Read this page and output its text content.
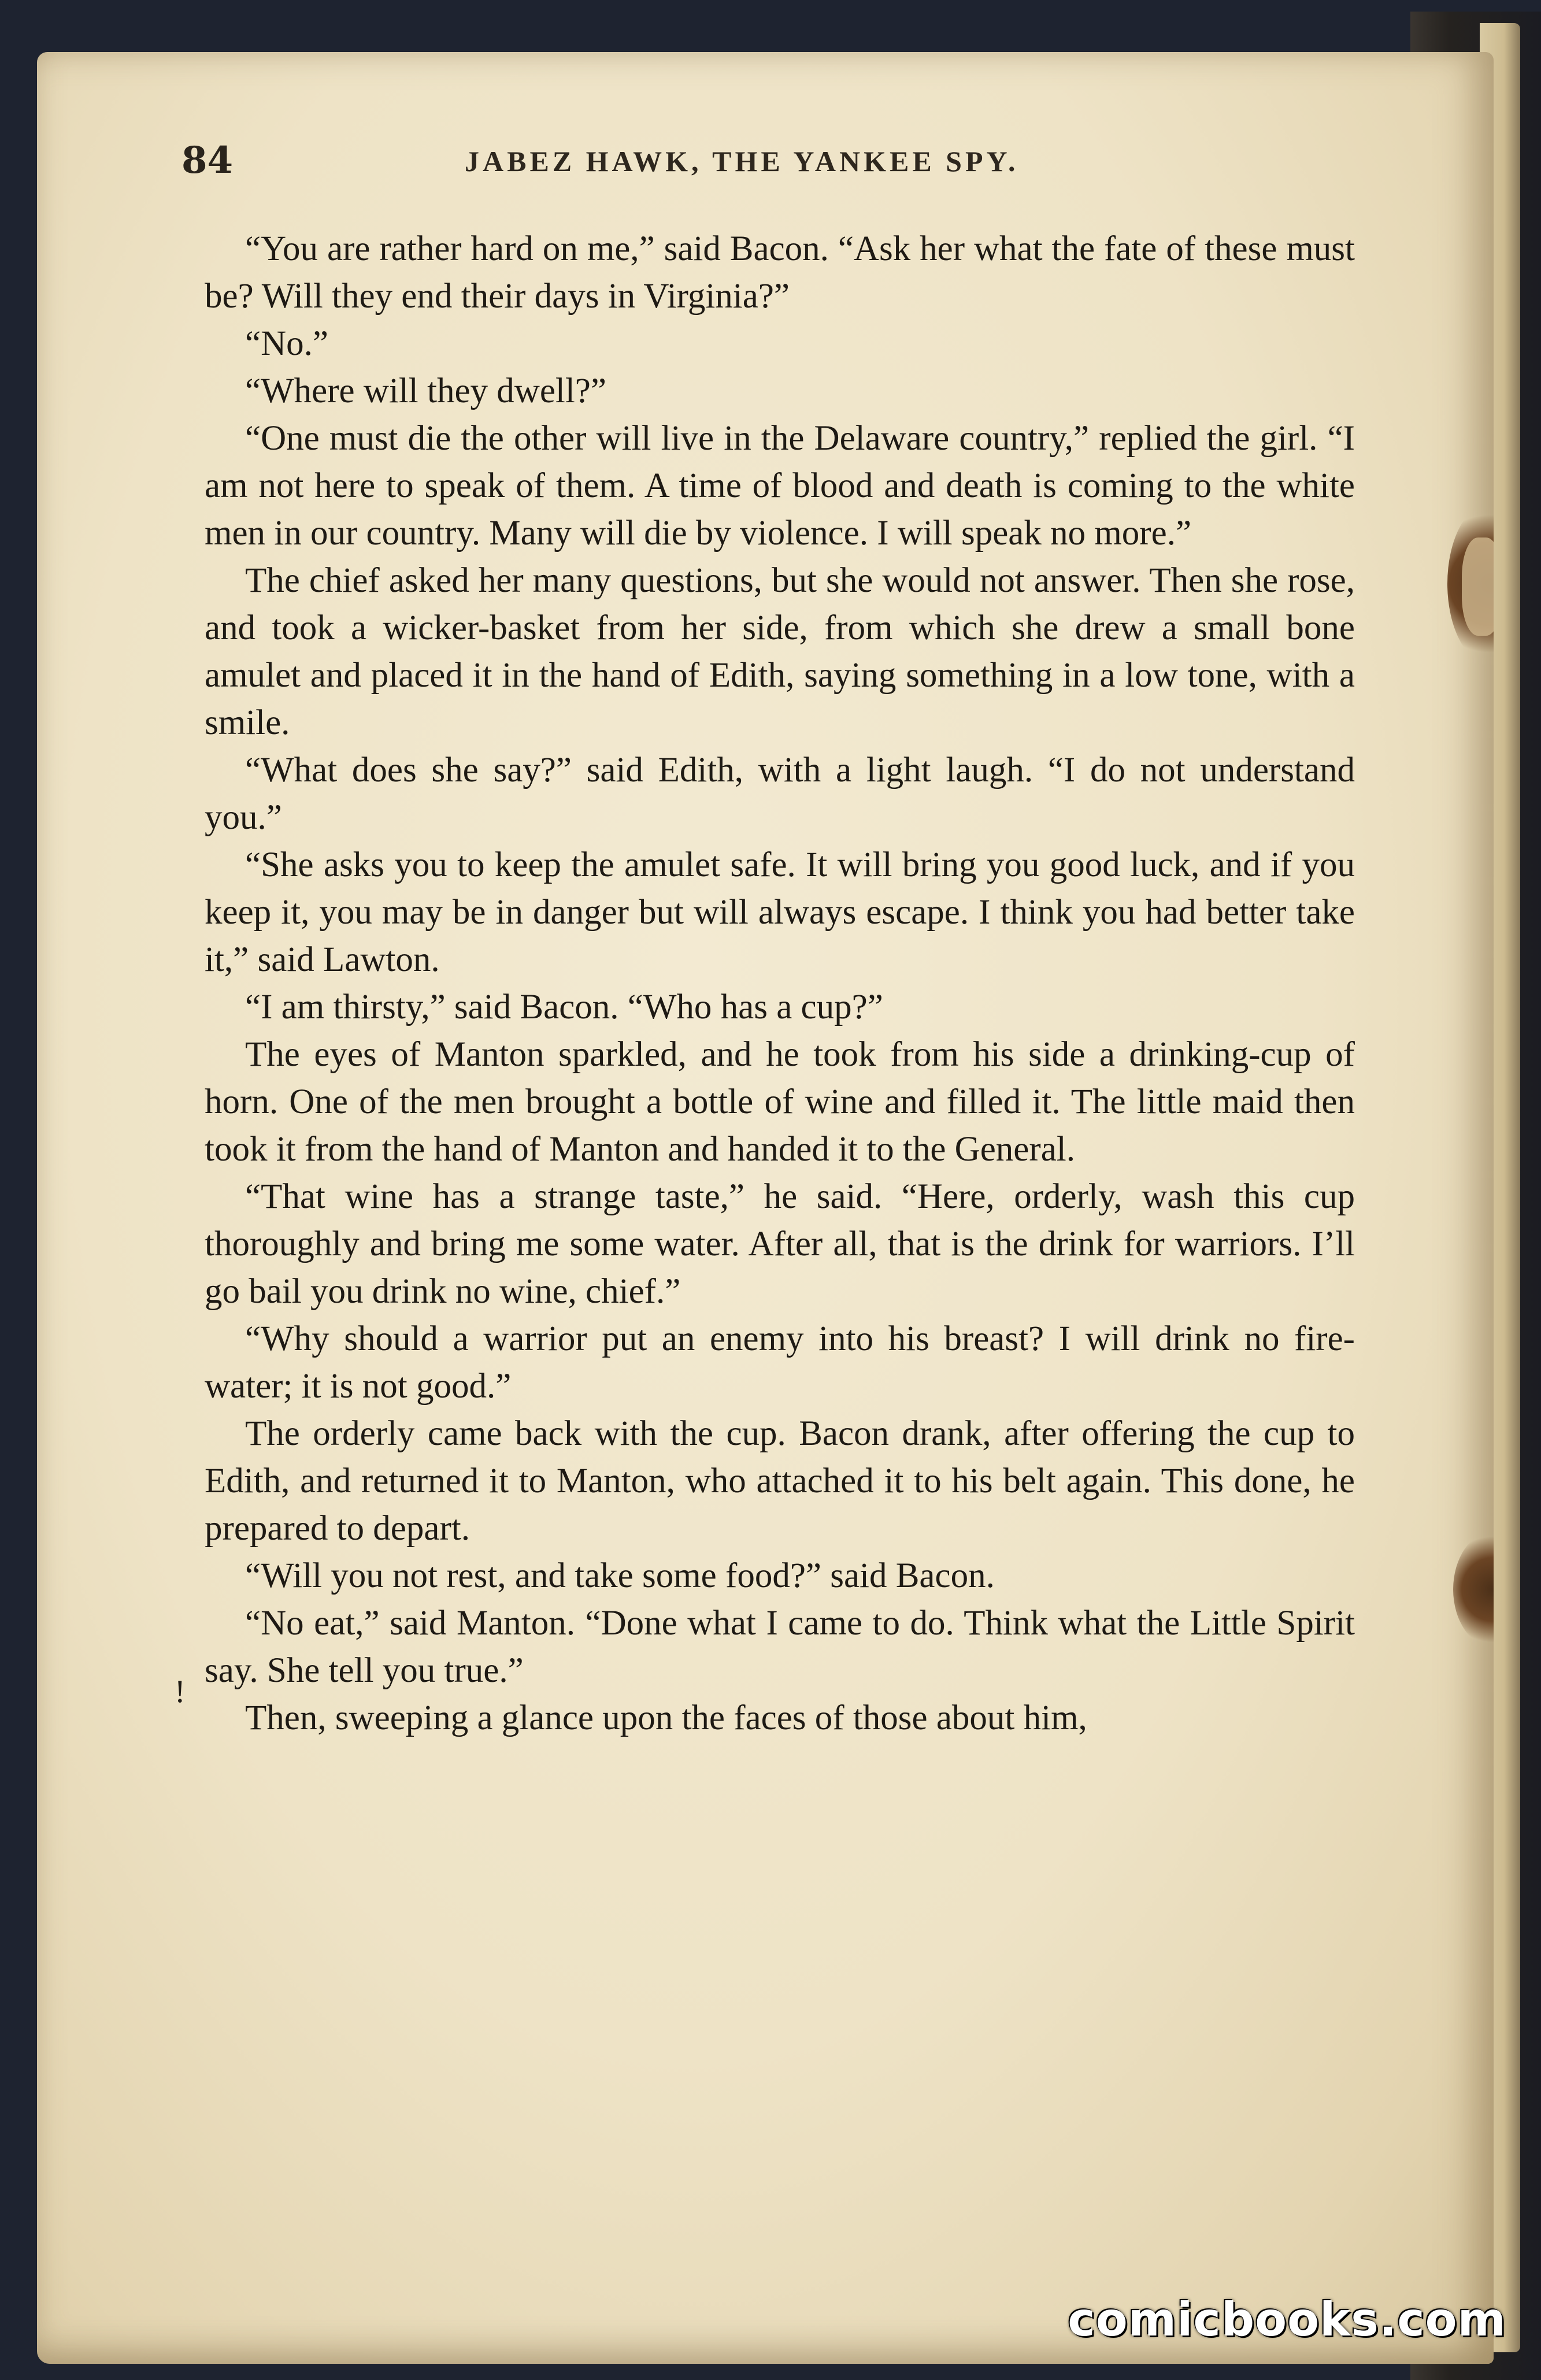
84	JABEZ HAWK, THE YANKEE SPY.
!

“You are rather hard on me,” said Bacon. “Ask her what the fate of these must be? Will they end their days in Virginia?”

“No.”

“Where will they dwell?”

“One must die the other will live in the Delaware country,” replied the girl. “I am not here to speak of them. A time of blood and death is coming to the white men in our country. Many will die by violence. I will speak no more.”

The chief asked her many questions, but she would not answer. Then she rose, and took a wicker-basket from her side, from which she drew a small bone amulet and placed it in the hand of Edith, saying something in a low tone, with a smile.

“What does she say?” said Edith, with a light laugh. “I do not understand you.”

“She asks you to keep the amulet safe. It will bring you good luck, and if you keep it, you may be in danger but will always escape. I think you had better take it,” said Lawton.

“I am thirsty,” said Bacon. “Who has a cup?”

The eyes of Manton sparkled, and he took from his side a drinking-cup of horn. One of the men brought a bottle of wine and filled it. The little maid then took it from the hand of Manton and handed it to the General.

“That wine has a strange taste,” he said. “Here, orderly, wash this cup thoroughly and bring me some water. After all, that is the drink for warriors. I’ll go bail you drink no wine, chief.”

“Why should a warrior put an enemy into his breast? I will drink no fire-water; it is not good.”

The orderly came back with the cup. Bacon drank, after offering the cup to Edith, and returned it to Manton, who attached it to his belt again. This done, he prepared to depart.

“Will you not rest, and take some food?” said Bacon.

“No eat,” said Manton. “Done what I came to do. Think what the Little Spirit say. She tell you true.”

Then, sweeping a glance upon the faces of those about him,

comicbooks.com
